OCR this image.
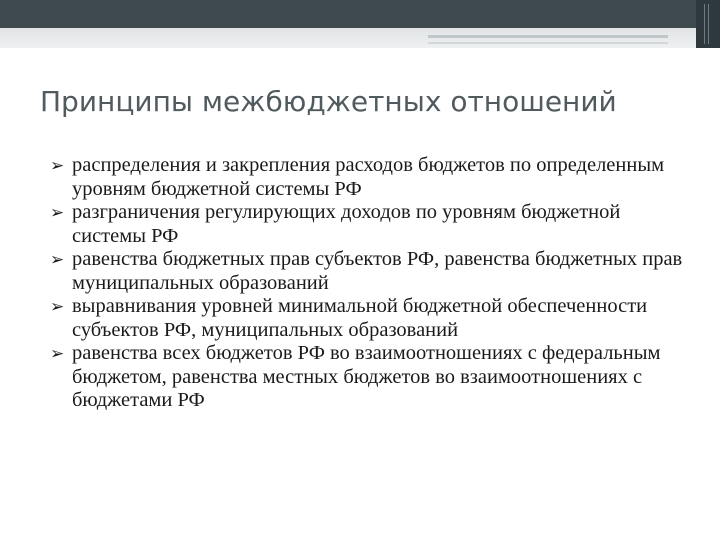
Принципы межбюджетных отношений
➢ распределения и закрепления расходов бюджетов по определенным уровням бюджетной системы РФ
➢ разграничения регулирующих доходов по уровням бюджетной системы РФ
➢ равенства бюджетных прав субъектов РФ, равенства бюджетных прав муниципальных образований
➢ выравнивания уровней минимальной бюджетной обеспеченности субъектов РФ, муниципальных образований
➢ равенства всех бюджетов РФ во взаимоотношениях с федеральным бюджетом, равенства местных бюджетов во взаимоотношениях с бюджетами РФ
